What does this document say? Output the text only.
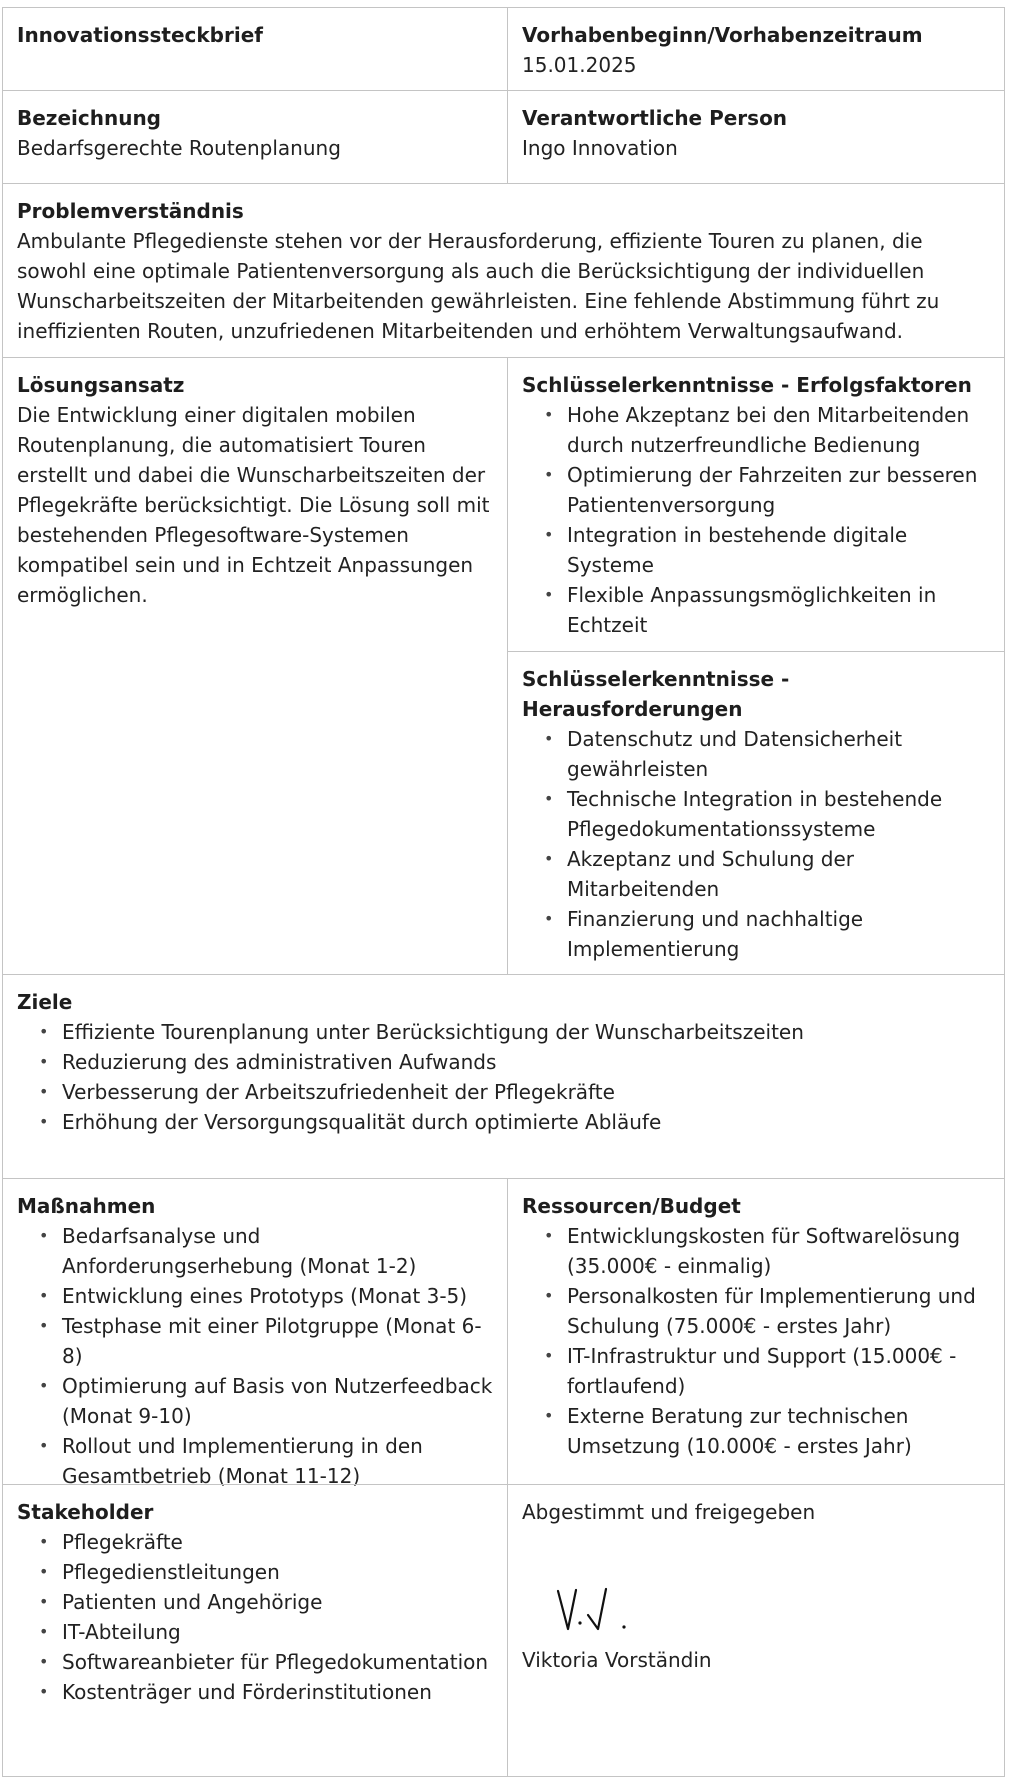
Innovationssteckbrief	Vorhabenbeginn/Vorhabenzeitraum

15.01.2025

Bezeichnung

Bedarfsgerechte Routenplanung

Verantwortliche Person

Ingo Innovation

Problemverständnis

Ambulante Pflegedienste stehen vor der Herausforderung, effiziente Touren zu planen, die sowohl eine optimale Patientenversorgung als auch die Berücksichtigung der individuellen Wunscharbeitszeiten der Mitarbeitenden gewährleisten. Eine fehlende Abstimmung führt zu ineffizienten Routen, unzufriedenen Mitarbeitenden und erhöhtem Verwaltungsaufwand.

Lösungsansatz

Die Entwicklung einer digitalen mobilen Routenplanung, die automatisiert Touren erstellt und dabei die Wunscharbeitszeiten der Pflegekräfte berücksichtigt. Die Lösung soll mit bestehenden Pflegesoftware-Systemen kompatibel sein und in Echtzeit Anpassungen ermöglichen.

Schlüsselerkenntnisse - Erfolgsfaktoren
• Hohe Akzeptanz bei den Mitarbeitenden durch nutzerfreundliche Bedienung
• Optimierung der Fahrzeiten zur besseren Patientenversorgung
• Integration in bestehende digitale Systeme
• Flexible Anpassungsmöglichkeiten in Echtzeit
Schlüsselerkenntnisse - Herausforderungen
• Datenschutz und Datensicherheit gewährleisten
• Technische Integration in bestehende Pflegedokumentationssysteme
• Akzeptanz und Schulung der Mitarbeitenden
• Finanzierung und nachhaltige Implementierung
Ziele
• Effiziente Tourenplanung unter Berücksichtigung der Wunscharbeitszeiten
• Reduzierung des administrativen Aufwands
• Verbesserung der Arbeitszufriedenheit der Pflegekräfte
• Erhöhung der Versorgungsqualität durch optimierte Abläufe
Maßnahmen
• Bedarfsanalyse und Anforderungserhebung (Monat 1-2)
• Entwicklung eines Prototyps (Monat 3-5)
• Testphase mit einer Pilotgruppe (Monat 6-8)
• Optimierung auf Basis von Nutzerfeedback (Monat 9-10)
• Rollout und Implementierung in den Gesamtbetrieb (Monat 11-12)
Ressourcen/Budget
• Entwicklungskosten für Softwarelösung (35.000€ - einmalig)
• Personalkosten für Implementierung und Schulung (75.000€ - erstes Jahr)
• IT-Infrastruktur und Support (15.000€ - fortlaufend)
• Externe Beratung zur technischen Umsetzung (10.000€ - erstes Jahr)
Stakeholder
• Pflegekräfte
• Pflegedienstleitungen
• Patienten und Angehörige
• IT-Abteilung
• Softwareanbieter für Pflegedokumentation
• Kostenträger und Förderinstitutionen

Abgestimmt und freigegeben

Viktoria Vorständin
